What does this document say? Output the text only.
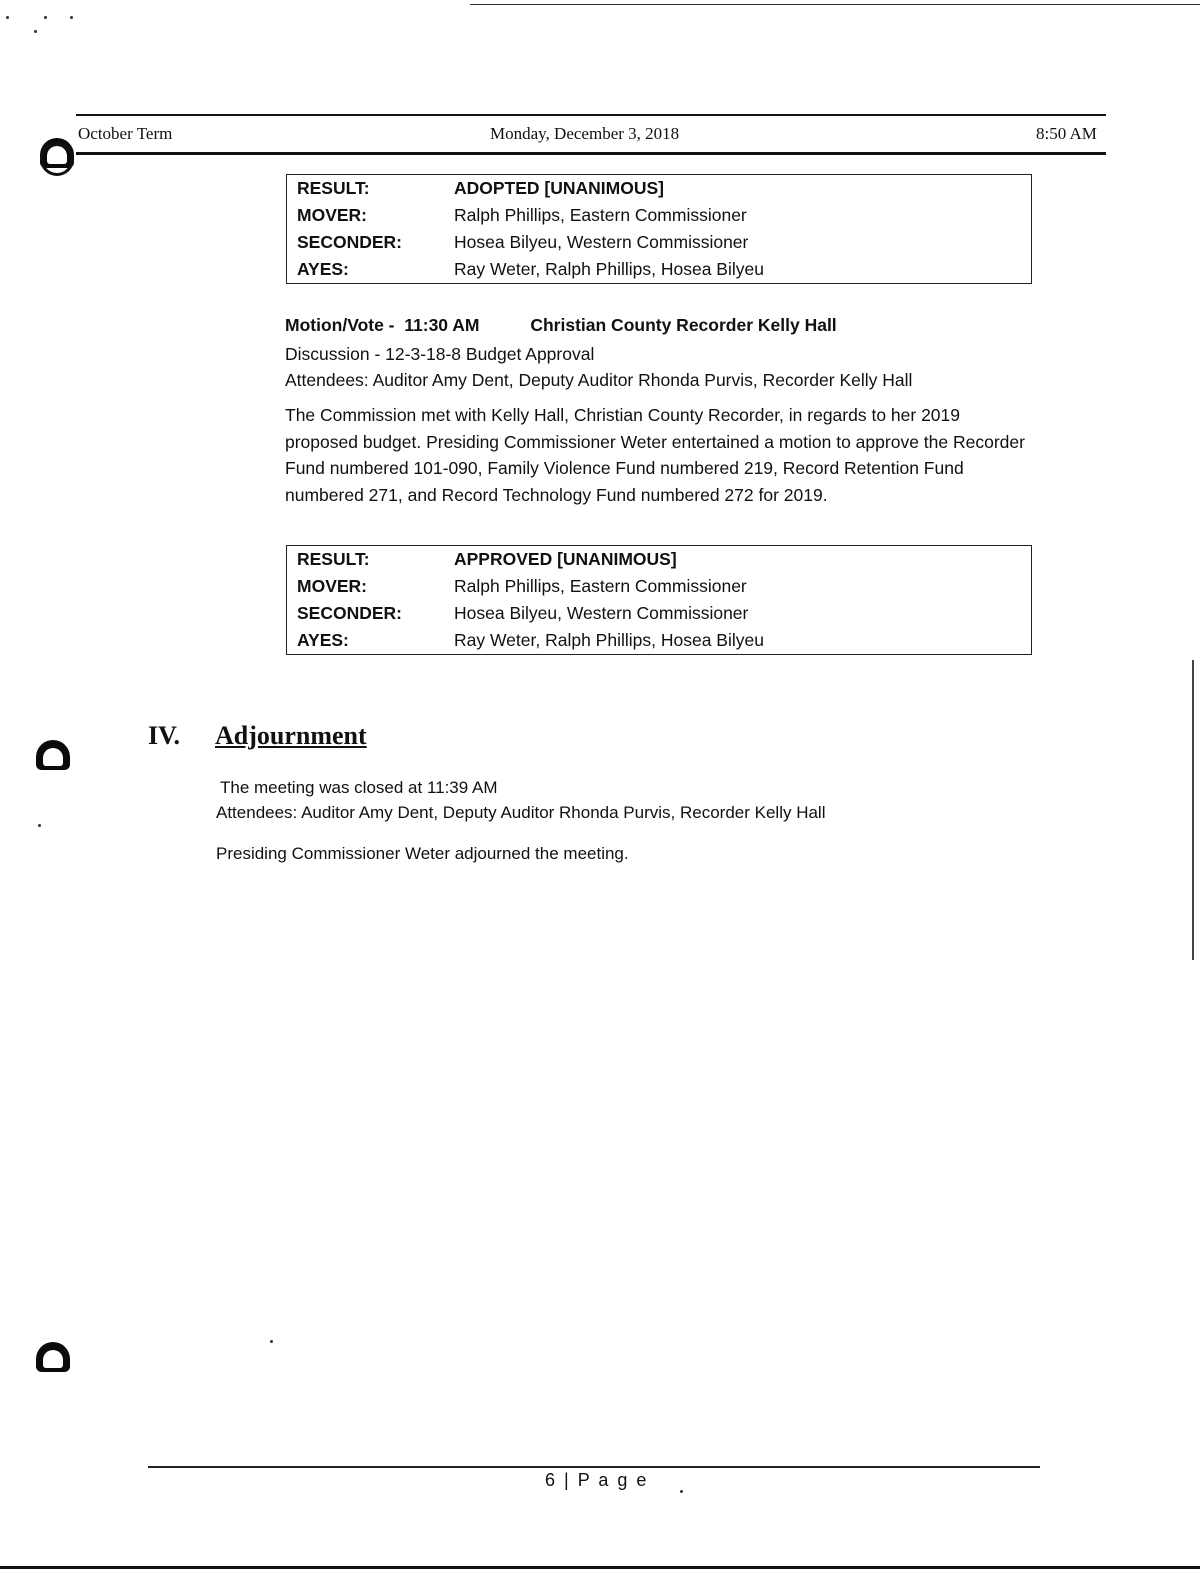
October Term	Monday, December 3, 2018	8:50 AM
RESULT:	ADOPTED [UNANIMOUS]
MOVER:	Ralph Phillips, Eastern Commissioner
SECONDER:	Hosea Bilyeu, Western Commissioner
AYES:	Ray Weter, Ralph Phillips, Hosea Bilyeu
Motion/Vote -  11:30 AM	Christian County Recorder Kelly Hall
Discussion - 12-3-18-8 Budget Approval
Attendees: Auditor Amy Dent, Deputy Auditor Rhonda Purvis, Recorder Kelly Hall
The Commission met with Kelly Hall, Christian County Recorder, in regards to her 2019 proposed budget. Presiding Commissioner Weter entertained a motion to approve the Recorder Fund numbered 101-090, Family Violence Fund numbered 219, Record Retention Fund numbered 271, and Record Technology Fund numbered 272 for 2019.
RESULT:	APPROVED [UNANIMOUS]
MOVER:	Ralph Phillips, Eastern Commissioner
SECONDER:	Hosea Bilyeu, Western Commissioner
AYES:	Ray Weter, Ralph Phillips, Hosea Bilyeu
IV. Adjournment
The meeting was closed at 11:39 AM
Attendees: Auditor Amy Dent, Deputy Auditor Rhonda Purvis, Recorder Kelly Hall
Presiding Commissioner Weter adjourned the meeting.
6 | P a g e
